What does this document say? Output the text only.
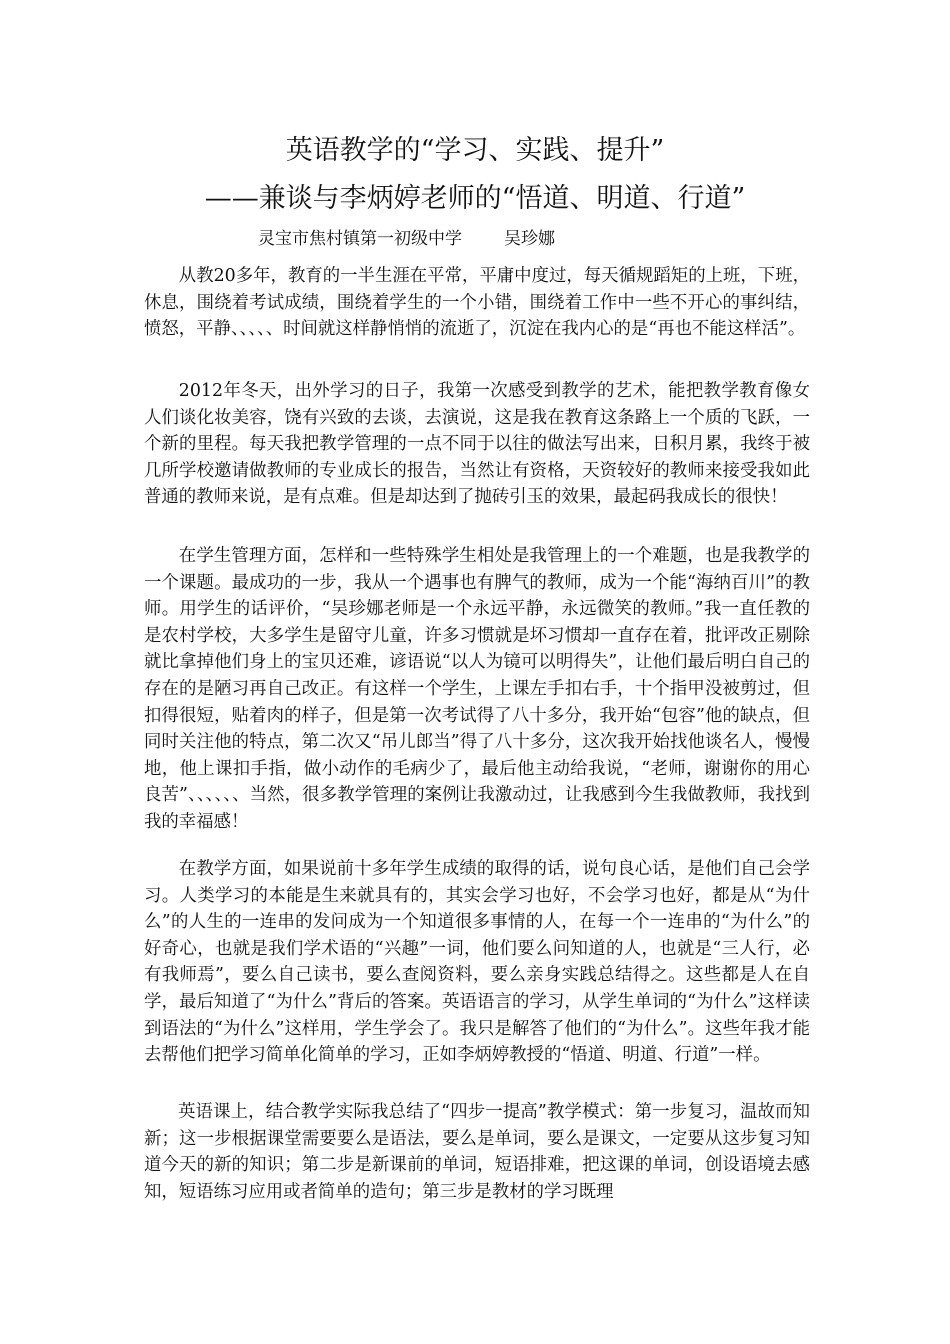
英语教学的“学习、实践、提升”
——兼谈与李炳婷老师的“悟道、明道、行道”
灵宝市焦村镇第一初级中学 吴珍娜

从教20多年，教育的一半生涯在平常，平庸中度过，每天循规蹈矩的上班，下班，休息，围绕着考试成绩，围绕着学生的一个小错，围绕着工作中一些不开心的事纠结，愤怒，平静、、、、、时间就这样静悄悄的流逝了，沉淀在我内心的是“再也不能这样活”。

2012年冬天，出外学习的日子，我第一次感受到教学的艺术，能把教学教育像女人们谈化妆美容，饶有兴致的去谈，去演说，这是我在教育这条路上一个质的飞跃，一个新的里程。每天我把教学管理的一点不同于以往的做法写出来，日积月累，我终于被几所学校邀请做教师的专业成长的报告，当然让有资格，天资较好的教师来接受我如此普通的教师来说，是有点难。但是却达到了抛砖引玉的效果，最起码我成长的很快！

在学生管理方面，怎样和一些特殊学生相处是我管理上的一个难题，也是我教学的一个课题。最成功的一步，我从一个遇事也有脾气的教师，成为一个能“海纳百川”的教师。用学生的话评价，“吴珍娜老师是一个永远平静，永远微笑的教师。”我一直任教的是农村学校，大多学生是留守儿童，许多习惯就是坏习惯却一直存在着，批评改正剔除就比拿掉他们身上的宝贝还难，谚语说“以人为镜可以明得失”，让他们最后明白自己的存在的是陋习再自己改正。有这样一个学生，上课左手扣右手，十个指甲没被剪过，但扣得很短，贴着肉的样子，但是第一次考试得了八十多分，我开始“包容”他的缺点，但同时关注他的特点，第二次又“吊儿郎当”得了八十多分，这次我开始找他谈名人，慢慢地，他上课扣手指，做小动作的毛病少了，最后他主动给我说，“老师，谢谢你的用心良苦”、、、、、、当然，很多教学管理的案例让我激动过，让我感到今生我做教师，我找到我的幸福感！

在教学方面，如果说前十多年学生成绩的取得的话，说句良心话，是他们自己会学习。人类学习的本能是生来就具有的，其实会学习也好，不会学习也好，都是从“为什么”的人生的一连串的发问成为一个知道很多事情的人，在每一个一连串的“为什么”的好奇心，也就是我们学术语的“兴趣”一词，他们要么问知道的人，也就是“三人行，必有我师焉”，要么自己读书，要么查阅资料，要么亲身实践总结得之。这些都是人在自学，最后知道了“为什么”背后的答案。英语语言的学习，从学生单词的“为什么”这样读到语法的“为什么”这样用，学生学会了。我只是解答了他们的“为什么”。这些年我才能去帮他们把学习简单化简单的学习，正如李炳婷教授的“悟道、明道、行道”一样。

英语课上，结合教学实际我总结了“四步一提高”教学模式：第一步复习，温故而知新；这一步根据课堂需要要么是语法，要么是单词，要么是课文，一定要从这步复习知道今天的新的知识；第二步是新课前的单词，短语排难，把这课的单词，创设语境去感知，短语练习应用或者简单的造句；第三步是教材的学习既理
